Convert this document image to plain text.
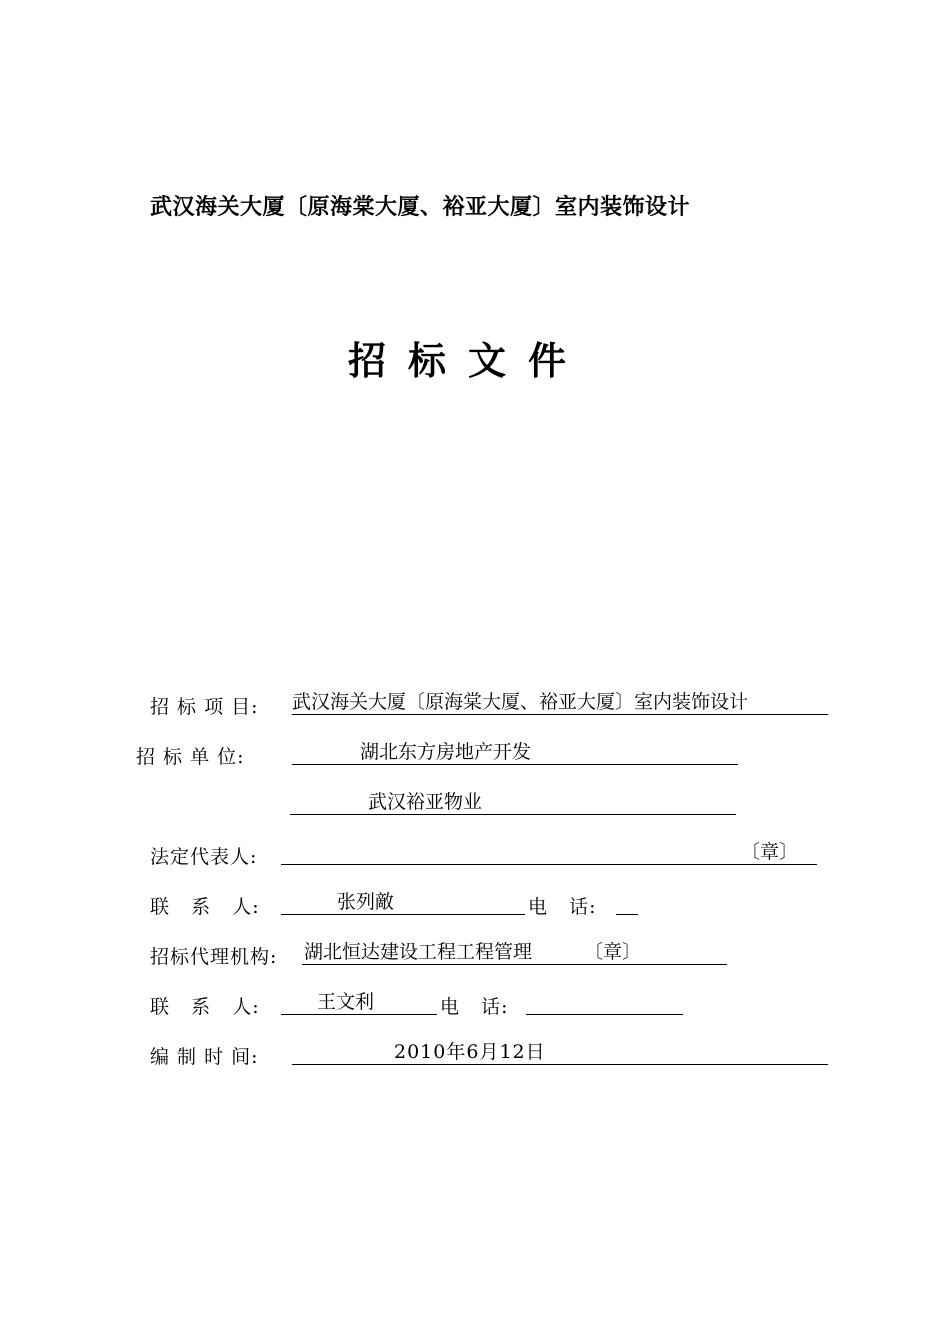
武汉海关大厦〔原海棠大厦、裕亚大厦〕室内装饰设计
招标文件
招 标 项 目: 武汉海关大厦〔原海棠大厦、裕亚大厦〕室内装饰设计
招 标 单 位:	湖北东方房地产开发
武汉裕亚物业
法定代表人:	〔章〕
联   系   人:	张列敵	电   话:
招标代理机构: 湖北恒达建设工程工程管理	〔章〕
联   系   人:	王文利	电   话:
编 制 时 间:	2010年6月12日
